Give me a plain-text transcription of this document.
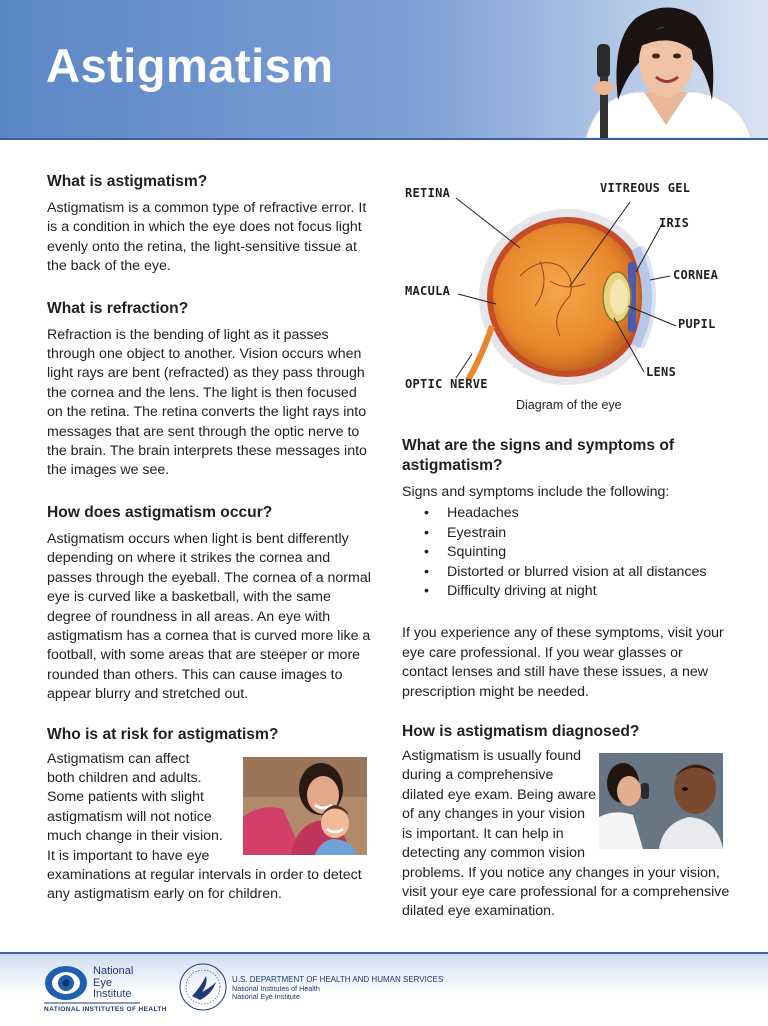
Astigmatism
What is astigmatism?

Astigmatism is a common type of refractive error. It is a condition in which the eye does not focus light evenly onto the retina, the light-sensitive tissue at the back of the eye.

What is refraction?

Refraction is the bending of light as it passes through one object to another. Vision occurs when light rays are bent (refracted) as they pass through the cornea and the lens. The light is then focused on the retina. The retina converts the light rays into messages that are sent through the optic nerve to the brain. The brain interprets these messages into the images we see.

How does astigmatism occur?

Astigmatism occurs when light is bent differently depending on where it strikes the cornea and passes through the eyeball. The cornea of a normal eye is curved like a basketball, with the same degree of roundness in all areas. An eye with astigmatism has a cornea that is curved more like a football, with some areas that are steeper or more rounded than others. This can cause images to appear blurry and stretched out.

Who is at risk for astigmatism?
Astigmatism can affect
both children and adults.
Some patients with slight
astigmatism will not notice
much change in their vision.
It is important to have eye

examinations at regular intervals in order to detect any astigmatism early on for children.

RETINA	VITREOUS GEL
IRIS
CORNEA
MACULA
PUPIL
OPTIC NERVE
LENS
Diagram of the eye
What are the signs and symptoms of astigmatism?

Signs and symptoms include the following:

• Headaches
• Eyestrain
• Squinting
• Distorted or blurred vision at all distances
• Difficulty driving at night

If you experience any of these symptoms, visit your eye care professional. If you wear glasses or contact lenses and still have these issues, a new prescription might be needed.

How is astigmatism diagnosed?
Astigmatism is usually found
during a comprehensive
dilated eye exam. Being aware
of any changes in your vision
is important. It can help in
detecting any common vision

problems. If you notice any changes in your vision, visit your eye care professional for a comprehensive dilated eye examination.

National
Eye
Institute
NATIONAL INSTITUTES OF HEALTH
U.S. DEPARTMENT OF HEALTH AND HUMAN SERVICES
National Institutes of Health
National Eye Institute
